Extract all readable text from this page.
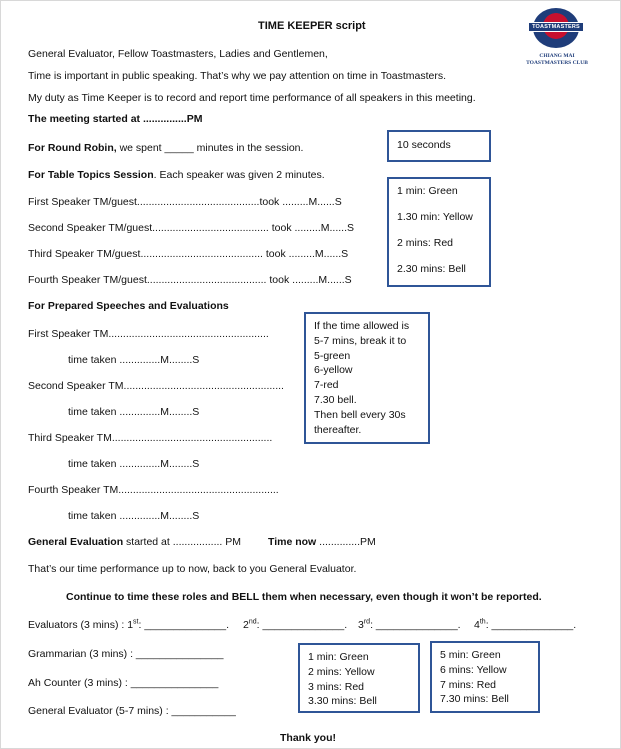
TIME KEEPER script	TOASTMASTERS
CHIANG MAI
TOASTMASTERS CLUB
General Evaluator, Fellow Toastmasters, Ladies and Gentlemen,
Time is important in public speaking. That’s why we pay attention on time in Toastmasters.
My duty as Time Keeper is to record and report time performance of all speakers in this meeting.
The meeting started at ...............PM
For Round Robin, we spent _____ minutes in the session.
For Table Topics Session. Each speaker was given 2 minutes.
First Speaker TM/guest..........................................took .........M......S
Second Speaker TM/guest........................................ took .........M......S
Third Speaker TM/guest.......................................... took .........M......S
Fourth Speaker TM/guest......................................... took .........M......S
For Prepared Speeches and Evaluations
First Speaker TM.......................................................
time taken ..............M........S
Second Speaker TM.......................................................
time taken ..............M........S
Third Speaker TM.......................................................
time taken ..............M........S
Fourth Speaker TM.......................................................
time taken ..............M........S
General Evaluation started at ................. PM	Time now ..............PM
That’s our time performance up to now, back to you General Evaluator.
Continue to time these roles and BELL them when necessary, even though it won’t be reported.
Evaluators (3 mins) : 1st: ______________. 2nd: ______________. 3rd: ______________. 4th: ______________.
Grammarian (3 mins) : _______________
Ah Counter (3 mins) : _______________
General Evaluator (5-7 mins) : ___________
Thank you!
10 seconds
1 min: Green
1.30 min: Yellow
2 mins: Red
2.30 mins: Bell
If the time allowed is
5-7 mins, break it to
5-green
6-yellow
7-red
7.30 bell.
Then bell every 30s
thereafter.
1 min: Green
2 mins: Yellow
3 mins: Red
3.30 mins: Bell
5 min: Green
6 mins: Yellow
7 mins: Red
7.30 mins: Bell
